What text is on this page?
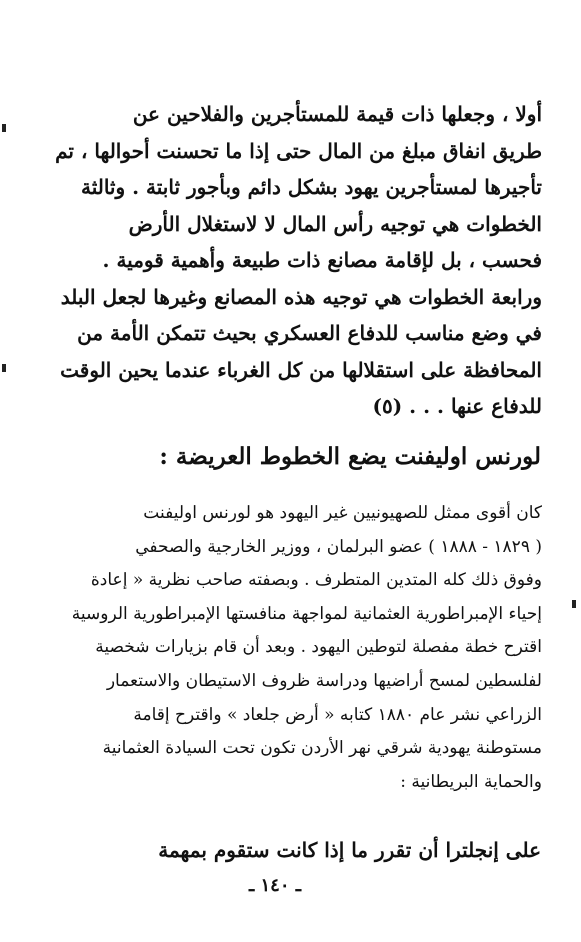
أولا ، وجعلها ذات قيمة للمستأجرين والفلاحين عن
طريق انفاق مبلغ من المال حتى إذا ما تحسنت أحوالها ، تم
تأجيرها لمستأجرين يهود بشكل دائم وبأجور ثابتة . وثالثة
الخطوات هي توجيه رأس المال لا لاستغلال الأرض
فحسب ، بل لإقامة مصانع ذات طبيعة وأهمية قومية .
ورابعة الخطوات هي توجيه هذه المصانع وغيرها لجعل البلد
في وضع مناسب للدفاع العسكري بحيث تتمكن الأمة من
المحافظة على استقلالها من كل الغرباء عندما يحين الوقت
للدفاع عنها . . . (٥)
لورنس اوليفنت يضع الخطوط العريضة :
كان أقوى ممثل للصهيونيين غير اليهود هو لورنس اوليفنت
( ١٨٢٩ - ١٨٨٨ ) عضو البرلمان ، ووزير الخارجية والصحفي
وفوق ذلك كله المتدين المتطرف . وبصفته صاحب نظرية « إعادة
إحياء الإمبراطورية العثمانية لمواجهة منافستها الإمبراطورية الروسية
اقترح خطة مفصلة لتوطين اليهود . وبعد أن قام بزيارات شخصية
لفلسطين لمسح أراضيها ودراسة ظروف الاستيطان والاستعمار
الزراعي نشر عام ١٨٨٠ كتابه « أرض جلعاد » واقترح إقامة
مستوطنة يهودية شرقي نهر الأردن تكون تحت السيادة العثمانية
والحماية البريطانية :
على إنجلترا أن تقرر ما إذا كانت ستقوم بمهمة
ـ ١٤٠ ـ
